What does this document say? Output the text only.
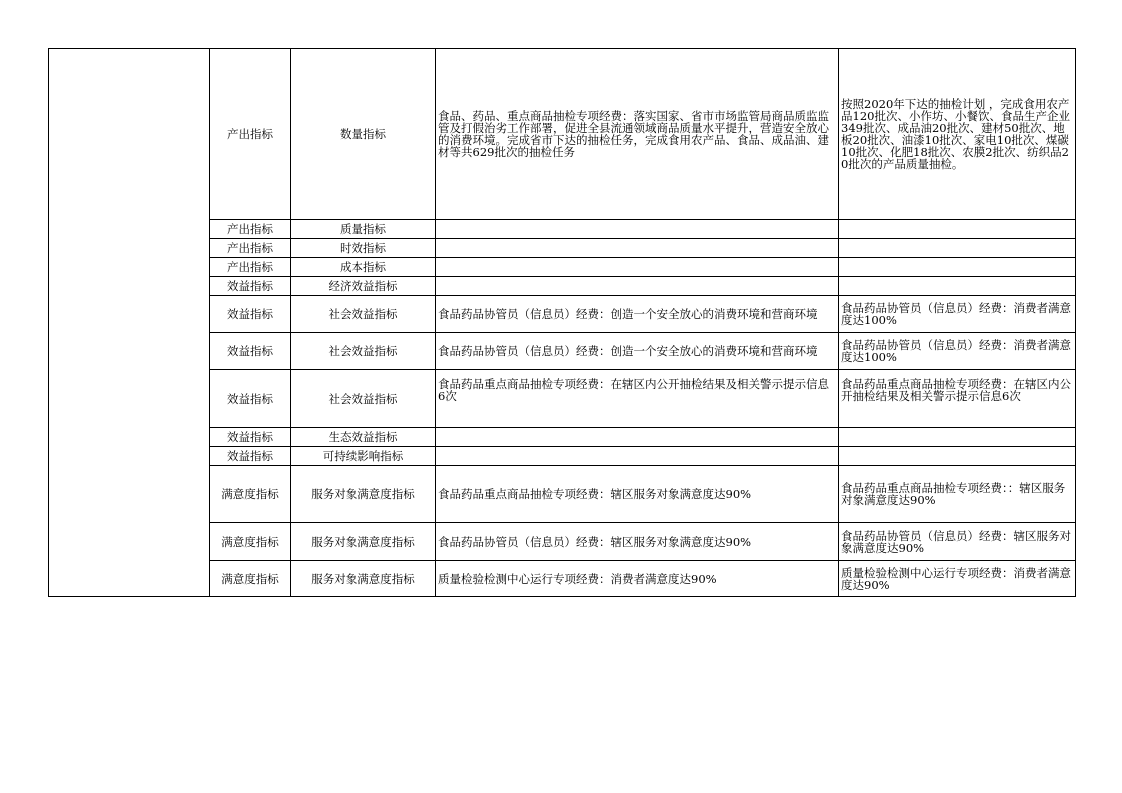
	产出指标	数量指标	食品、药品、重点商品抽检专项经费：落实国家、省市市场监管局商品质监监管及打假治劣工作部署，促进全县流通领域商品质量水平提升，营造安全放心的消费环境。完成省市下达的抽检任务，完成食用农产品、食品、成品油、建材等共629批次的抽检任务	按照2020年下达的抽检计划 ，完成食用农产品120批次、小作坊、小餐饮、食品生产企业349批次、成品油20批次、建材50批次、地板20批次、油漆10批次、家电10批次、煤碳10批次、化肥18批次、农膜2批次、纺织品20批次的产品质量抽检。
	产出指标	质量指标		
	产出指标	时效指标		
	产出指标	成本指标		
	效益指标	经济效益指标		
	效益指标	社会效益指标	食品药品协管员（信息员）经费：创造一个安全放心的消费环境和营商环境	食品药品协管员（信息员）经费：消费者满意度达100%
	效益指标	社会效益指标	食品药品协管员（信息员）经费：创造一个安全放心的消费环境和营商环境	食品药品协管员（信息员）经费：消费者满意度达100%
	效益指标	社会效益指标	食品药品重点商品抽检专项经费：在辖区内公开抽检结果及相关警示提示信息6次	食品药品重点商品抽检专项经费：在辖区内公开抽检结果及相关警示提示信息6次
	效益指标	生态效益指标		
	效益指标	可持续影响指标		
	满意度指标	服务对象满意度指标	食品药品重点商品抽检专项经费：辖区服务对象满意度达90%	食品药品重点商品抽检专项经费：：辖区服务对象满意度达90%
	满意度指标	服务对象满意度指标	食品药品协管员（信息员）经费：辖区服务对象满意度达90%	食品药品协管员（信息员）经费：辖区服务对象满意度达90%
	满意度指标	服务对象满意度指标	质量检验检测中心运行专项经费：消费者满意度达90%	质量检验检测中心运行专项经费：消费者满意度达90%
